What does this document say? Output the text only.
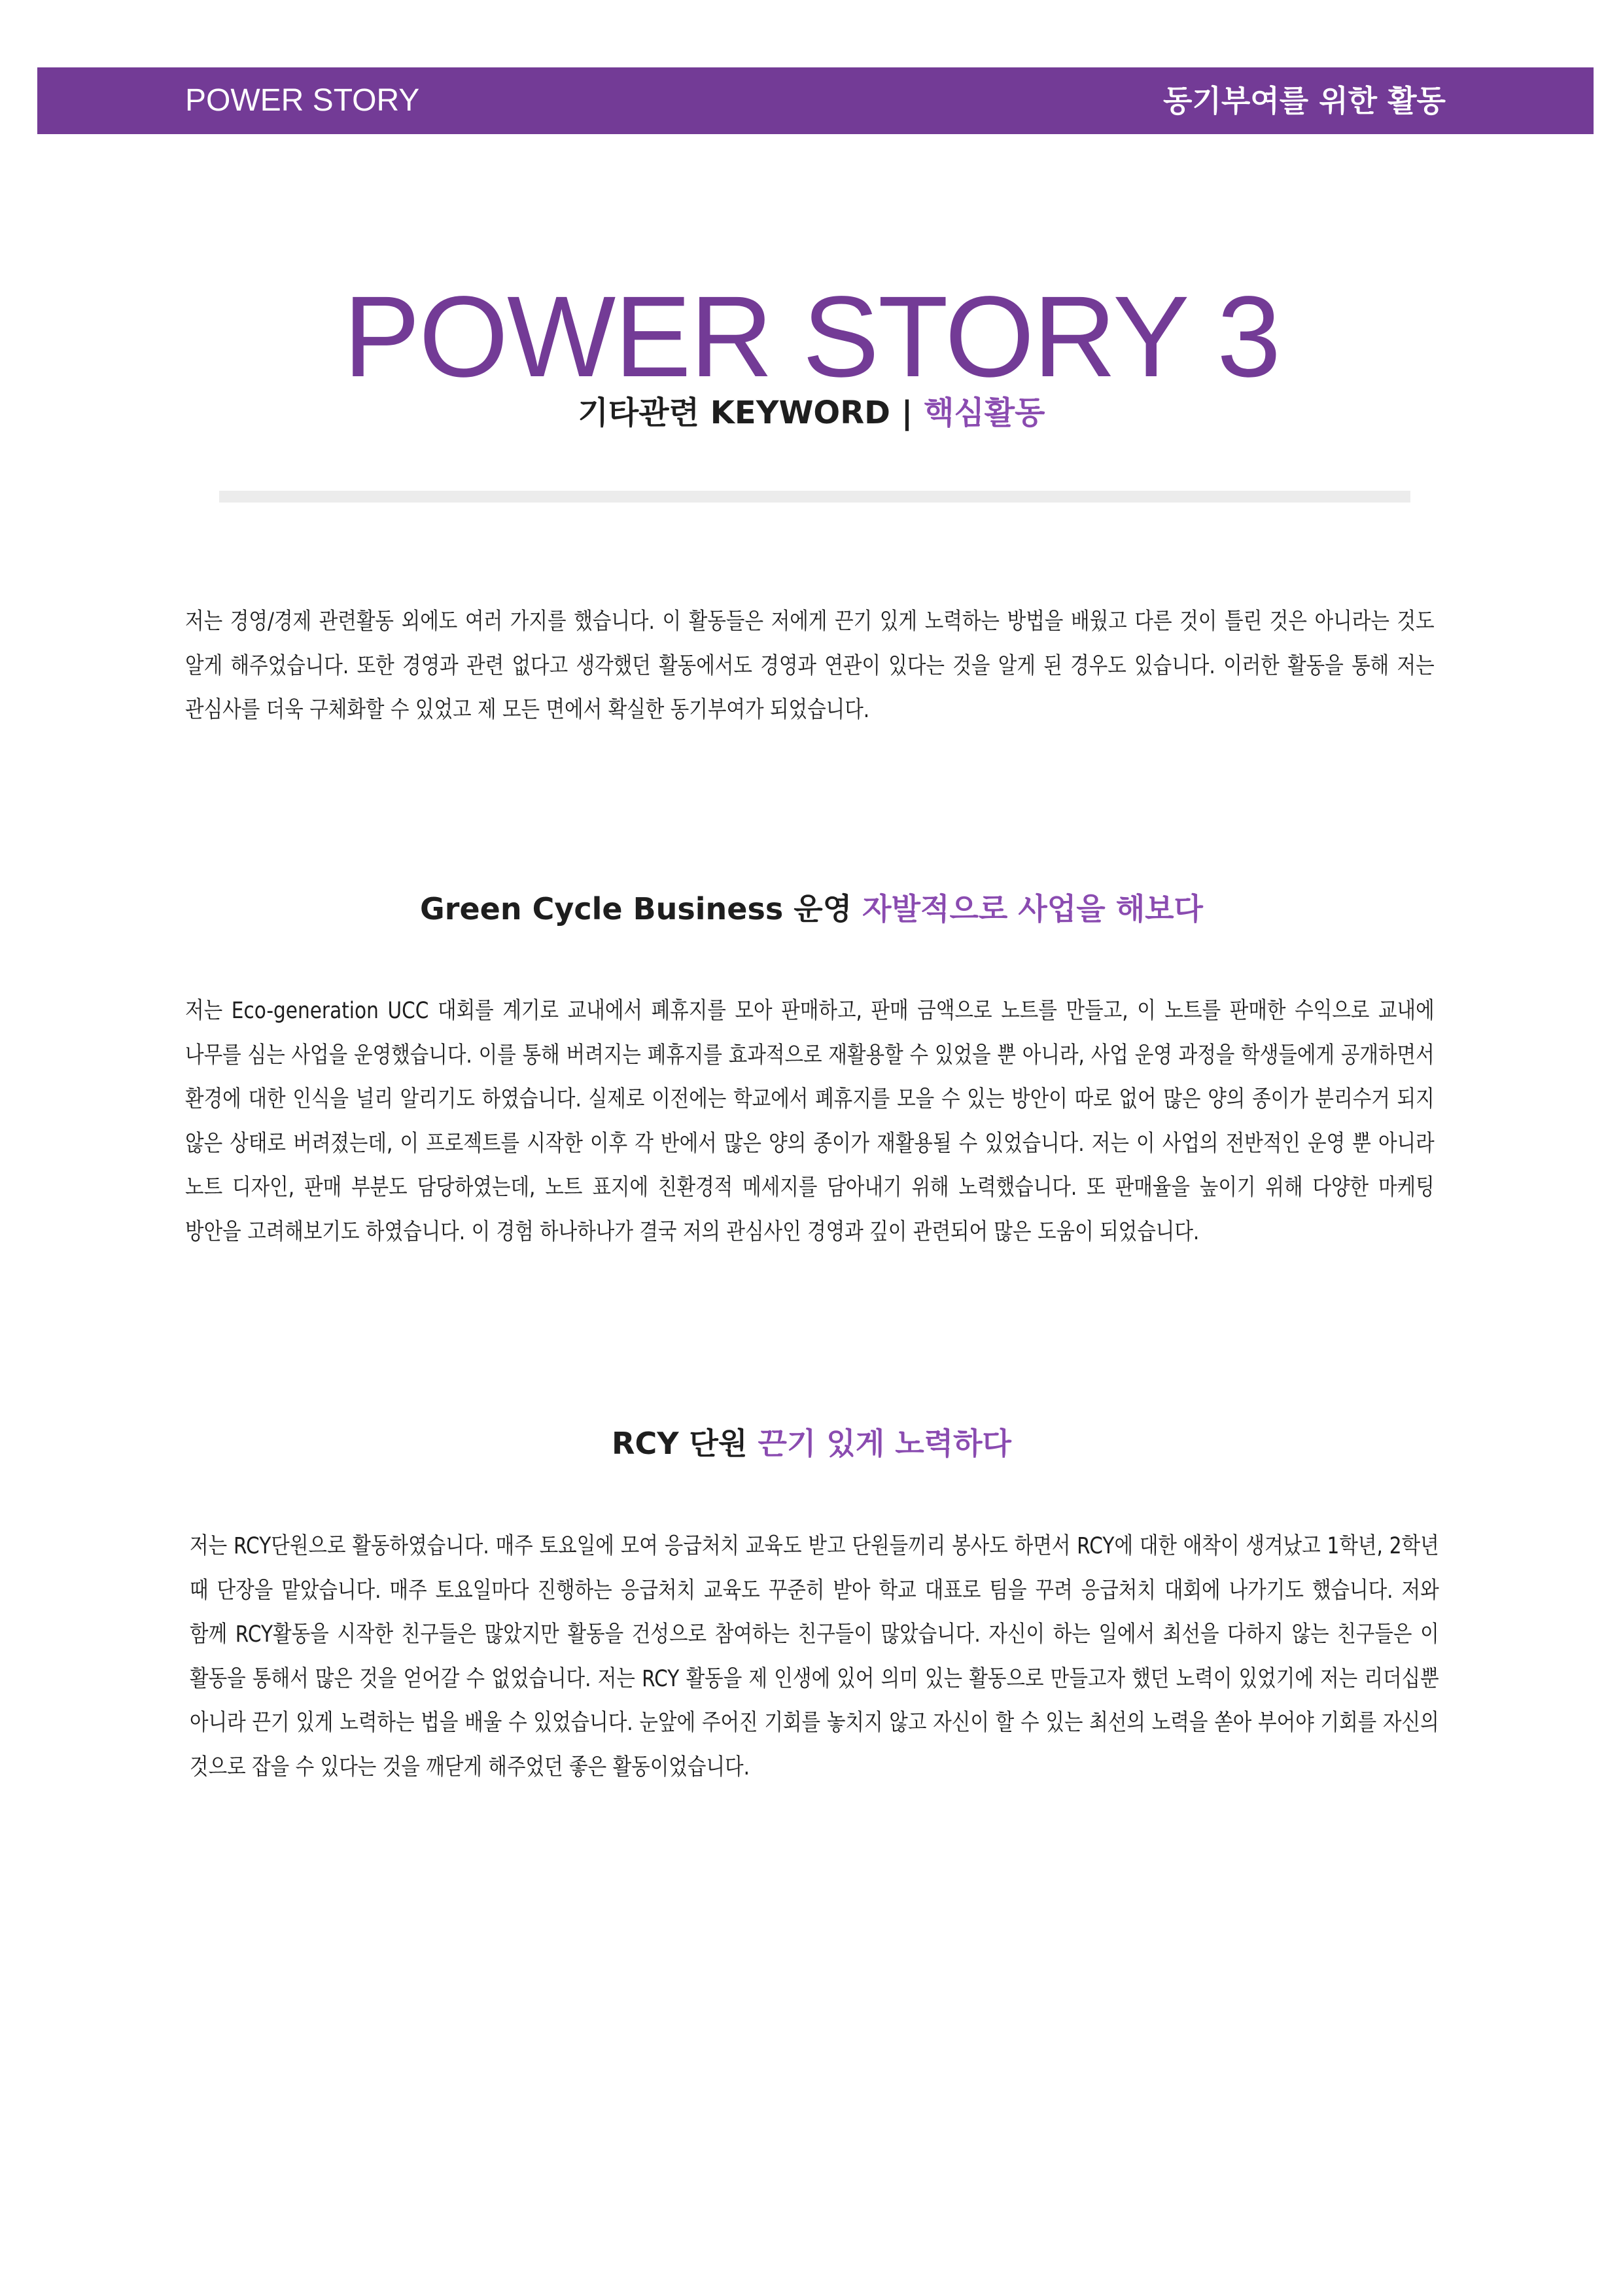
POWER STORY	동기부여를 위한 활동
POWER STORY 3
기타관련 KEYWORD | 핵심활동
저는 경영/경제 관련활동 외에도 여러 가지를 했습니다. 이 활동들은 저에게 끈기 있게 노력하는 방법을 배웠고 다른 것이 틀린 것은 아니라는 것도 알게 해주었습니다. 또한 경영과 관련 없다고 생각했던 활동에서도 경영과 연관이 있다는 것을 알게 된 경우도 있습니다. 이러한 활동을 통해 저는 관심사를 더욱 구체화할 수 있었고 제 모든 면에서 확실한 동기부여가 되었습니다.
Green Cycle Business 운영 자발적으로 사업을 해보다
저는 Eco-generation UCC 대회를 계기로 교내에서 폐휴지를 모아 판매하고, 판매 금액으로 노트를 만들고, 이 노트를 판매한 수익으로 교내에 나무를 심는 사업을 운영했습니다. 이를 통해 버려지는 폐휴지를 효과적으로 재활용할 수 있었을 뿐 아니라, 사업 운영 과정을 학생들에게 공개하면서 환경에 대한 인식을 널리 알리기도 하였습니다. 실제로 이전에는 학교에서 폐휴지를 모을 수 있는 방안이 따로 없어 많은 양의 종이가 분리수거 되지 않은 상태로 버려졌는데, 이 프로젝트를 시작한 이후 각 반에서 많은 양의 종이가 재활용될 수 있었습니다. 저는 이 사업의 전반적인 운영 뿐 아니라 노트 디자인, 판매 부분도 담당하였는데, 노트 표지에 친환경적 메세지를 담아내기 위해 노력했습니다. 또 판매율을 높이기 위해 다양한 마케팅 방안을 고려해보기도 하였습니다. 이 경험 하나하나가 결국 저의 관심사인 경영과 깊이 관련되어 많은 도움이 되었습니다.
RCY 단원 끈기 있게 노력하다
저는 RCY단원으로 활동하였습니다. 매주 토요일에 모여 응급처치 교육도 받고 단원들끼리 봉사도 하면서 RCY에 대한 애착이 생겨났고 1학년, 2학년 때 단장을 맡았습니다. 매주 토요일마다 진행하는 응급처치 교육도 꾸준히 받아 학교 대표로 팀을 꾸려 응급처치 대회에 나가기도 했습니다. 저와 함께 RCY활동을 시작한 친구들은 많았지만 활동을 건성으로 참여하는 친구들이 많았습니다. 자신이 하는 일에서 최선을 다하지 않는 친구들은 이 활동을 통해서 많은 것을 얻어갈 수 없었습니다. 저는 RCY 활동을 제 인생에 있어 의미 있는 활동으로 만들고자 했던 노력이 있었기에 저는 리더십뿐 아니라 끈기 있게 노력하는 법을 배울 수 있었습니다. 눈앞에 주어진 기회를 놓치지 않고 자신이 할 수 있는 최선의 노력을 쏟아 부어야 기회를 자신의 것으로 잡을 수 있다는 것을 깨닫게 해주었던 좋은 활동이었습니다.
